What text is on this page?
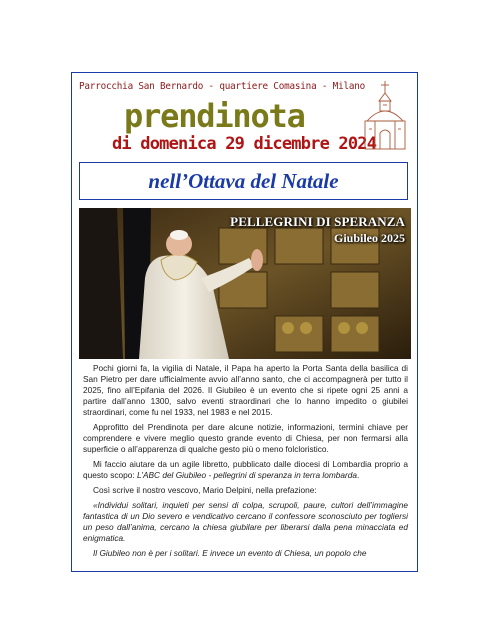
Parrocchia San Bernardo - quartiere Comasina - Milano
prendinota
di domenica 29 dicembre 2024
nell’Ottava del Natale
PELLEGRINI DI SPERANZA
Giubileo 2025

Pochi giorni fa, la vigilia di Natale, il Papa ha aperto la Porta Santa della basilica di San Pietro per dare ufficialmente avvio all’anno santo, che ci accompagnerà per tutto il 2025, fino all’Epifania del 2026. Il Giubileo è un evento che si ripete ogni 25 anni a partire dall’anno 1300, salvo eventi straordinari che lo hanno impedito o giubilei straordinari, come fu nel 1933, nel 1983 e nel 2015.

Approfitto del Prendinota per dare alcune notizie, informazioni, termini chiave per comprendere e vivere meglio questo grande evento di Chiesa, per non fermarsi alla superficie o all’apparenza di qualche gesto più o meno folcloristico.

Mi faccio aiutare da un agile libretto, pubblicato dalle diocesi di Lombardia proprio a questo scopo: L’ABC del Giubileo - pellegrini di speranza in terra lombarda.

Così scrive il nostro vescovo, Mario Delpini, nella prefazione:

«Individui solitari, inquieti per sensi di colpa, scrupoli, paure, cultori dell’immagine fantastica di un Dio severo e vendicativo cercano il confessore sconosciuto per togliersi un peso dall’anima, cercano la chiesa giubilare per liberarsi dalla pena minacciata ed enigmatica.

Il Giubileo non è per i solitari. E invece un evento di Chiesa, un popolo che
